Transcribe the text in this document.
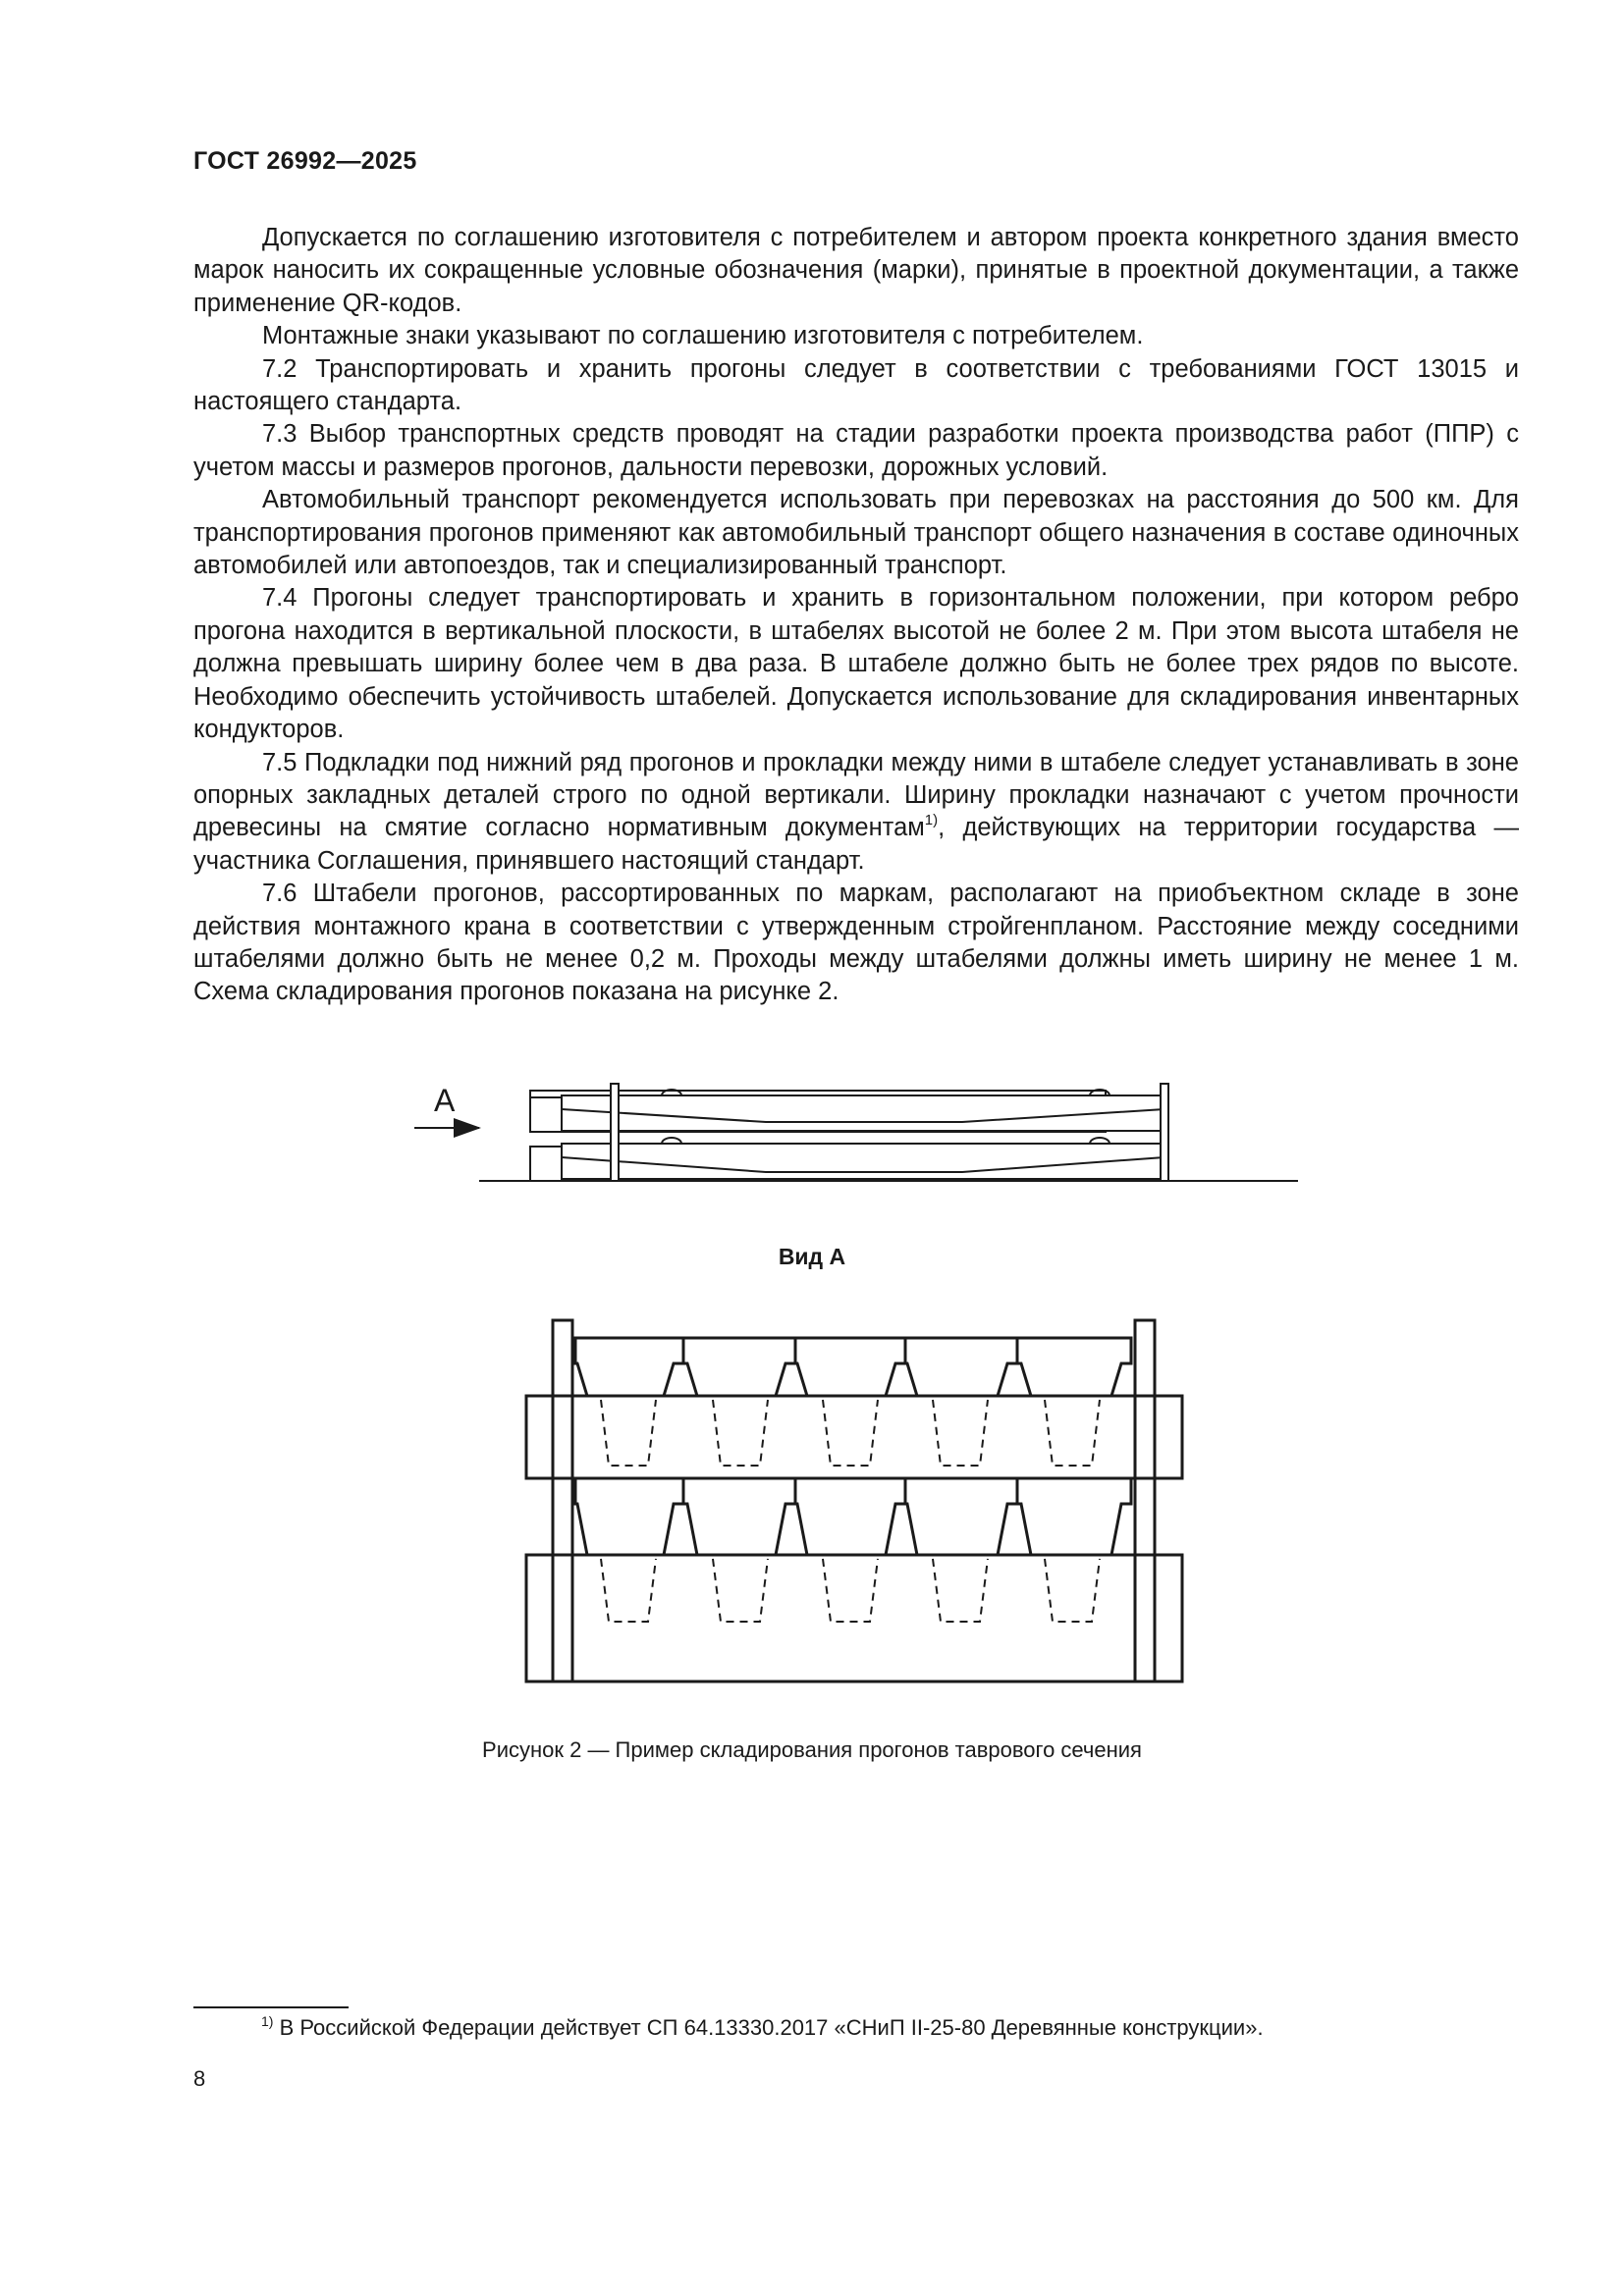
ГОСТ 26992—2025

Допускается по соглашению изготовителя с потребителем и автором проекта конкретного здания вместо марок наносить их сокращенные условные обозначения (марки), принятые в проектной документации, а также применение QR-кодов.

Монтажные знаки указывают по соглашению изготовителя с потребителем.

7.2 Транспортировать и хранить прогоны следует в соответствии с требованиями ГОСТ 13015 и настоящего стандарта.

7.3 Выбор транспортных средств проводят на стадии разработки проекта производства работ (ППР) с учетом массы и размеров прогонов, дальности перевозки, дорожных условий.

Автомобильный транспорт рекомендуется использовать при перевозках на расстояния до 500 км. Для транспортирования прогонов применяют как автомобильный транспорт общего назначения в составе одиночных автомобилей или автопоездов, так и специализированный транспорт.

7.4 Прогоны следует транспортировать и хранить в горизонтальном положении, при котором ребро прогона находится в вертикальной плоскости, в штабелях высотой не более 2 м. При этом высота штабеля не должна превышать ширину более чем в два раза. В штабеле должно быть не более трех рядов по высоте. Необходимо обеспечить устойчивость штабелей. Допускается использование для складирования инвентарных кондукторов.

7.5 Подкладки под нижний ряд прогонов и прокладки между ними в штабеле следует устанавливать в зоне опорных закладных деталей строго по одной вертикали. Ширину прокладки назначают с учетом прочности древесины на смятие согласно нормативным документам$^{1)}$, действующих на территории государства — участника Соглашения, принявшего настоящий стандарт.

7.6 Штабели прогонов, рассортированных по маркам, располагают на приобъектном складе в зоне действия монтажного крана в соответствии с утвержденным стройгенпланом. Расстояние между соседними штабелями должно быть не менее 0,2 м. Проходы между штабелями должны иметь ширину не менее 1 м. Схема складирования прогонов показана на рисунке 2.

А
Вид А
Рисунок 2 — Пример складирования прогонов таврового сечения
$^{1)}$ В Российской Федерации действует СП 64.13330.2017 «СНиП II-25-80 Деревянные конструкции».
8
